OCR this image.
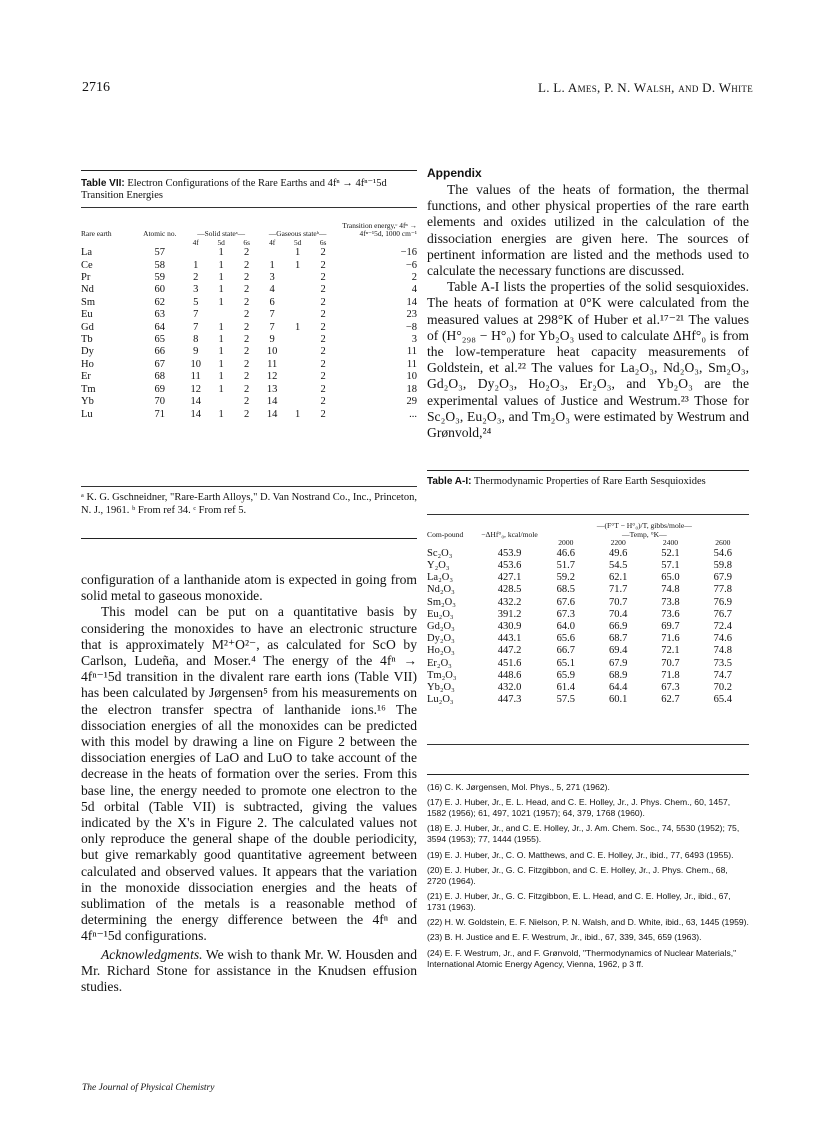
2716	L. L. Ames, P. N. Walsh, and D. White
Table VII: Electron Configurations of the Rare Earths and 4fⁿ → 4fⁿ⁻¹5d Transition Energies
Rare earth	Atomic no.	—Solid stateᵃ—			—Gaseous stateᵇ—			Transition energy,ᶜ 4fⁿ → 4fⁿ⁻¹5d, 1000 cm⁻¹
		4f	5d	6s	4f	5d	6s	
La	57		1	2		1	2	−16
Ce	58	1	1	2	1	1	2	−6
Pr	59	2	1	2	3		2	2
Nd	60	3	1	2	4		2	4
Sm	62	5	1	2	6		2	14
Eu	63	7		2	7		2	23
Gd	64	7	1	2	7	1	2	−8
Tb	65	8	1	2	9		2	3
Dy	66	9	1	2	10		2	11
Ho	67	10	1	2	11		2	11
Er	68	11	1	2	12		2	10
Tm	69	12	1	2	13		2	18
Yb	70	14		2	14		2	29
Lu	71	14	1	2	14	1	2	...
ᵃ K. G. Gschneidner, "Rare-Earth Alloys," D. Van Nostrand Co., Inc., Princeton, N. J., 1961. ᵇ From ref 34. ᶜ From ref 5.

configuration of a lanthanide atom is expected in going from solid metal to gaseous monoxide.

This model can be put on a quantitative basis by considering the monoxides to have an electronic structure that is approximately M²⁺O²⁻, as calculated for ScO by Carlson, Ludeña, and Moser.⁴ The energy of the 4fⁿ → 4fⁿ⁻¹5d transition in the divalent rare earth ions (Table VII) has been calculated by Jørgensen⁵ from his measurements on the electron transfer spectra of lanthanide ions.¹⁶ The dissociation energies of all the monoxides can be predicted with this model by drawing a line on Figure 2 between the dissociation energies of LaO and LuO to take account of the decrease in the heats of formation over the series. From this base line, the energy needed to promote one electron to the 5d orbital (Table VII) is subtracted, giving the values indicated by the X's in Figure 2. The calculated values not only reproduce the general shape of the double periodicity, but give remarkably good quantitative agreement between calculated and observed values. It appears that the variation in the monoxide dissociation energies and the heats of sublimation of the metals is a reasonable method of determining the energy difference between the 4fⁿ and 4fⁿ⁻¹5d configurations.

Acknowledgments. We wish to thank Mr. W. Housden and Mr. Richard Stone for assistance in the Knudsen effusion studies.

The Journal of Physical Chemistry
Appendix

The values of the heats of formation, the thermal functions, and other physical properties of the rare earth elements and oxides utilized in the calculation of the dissociation energies are given here. The sources of pertinent information are listed and the methods used to calculate the necessary functions are discussed.

Table A-I lists the properties of the solid sesquioxides. The heats of formation at 0°K were calculated from the measured values at 298°K of Huber et al.¹⁷⁻²¹ The values of (H°₂₉₈ − H°₀) for Yb₂O₃ used to calculate ΔHf°₀ is from the low-temperature heat capacity measurements of Goldstein, et al.²² The values for La₂O₃, Nd₂O₃, Sm₂O₃, Gd₂O₃, Dy₂O₃, Ho₂O₃, Er₂O₃, and Yb₂O₃ are the experimental values of Justice and Westrum.²³ Those for Sc₂O₃, Eu₂O₃, and Tm₂O₃ were estimated by Westrum and Grønvold,²⁴

Table A-I: Thermodynamic Properties of Rare Earth Sesquioxides
Com-pound	−ΔHf°₀, kcal/mole	—(F°T − H°₀)/T, gibbs/mole—
—Temp, °K—			

		2000	2200	2400	2600
Sc₂O₃	453.9	46.6	49.6	52.1	54.6
Y₂O₃	453.6	51.7	54.5	57.1	59.8
La₂O₃	427.1	59.2	62.1	65.0	67.9
Nd₂O₃	428.5	68.5	71.7	74.8	77.8
Sm₂O₃	432.2	67.6	70.7	73.8	76.9
Eu₂O₃	391.2	67.3	70.4	73.6	76.7
Gd₂O₃	430.9	64.0	66.9	69.7	72.4
Dy₂O₃	443.1	65.6	68.7	71.6	74.6
Ho₂O₃	447.2	66.7	69.4	72.1	74.8
Er₂O₃	451.6	65.1	67.9	70.7	73.5
Tm₂O₃	448.6	65.9	68.9	71.8	74.7
Yb₂O₃	432.0	61.4	64.4	67.3	70.2
Lu₂O₃	447.3	57.5	60.1	62.7	65.4
(16) C. K. Jørgensen, Mol. Phys., 5, 271 (1962).
(17) E. J. Huber, Jr., E. L. Head, and C. E. Holley, Jr., J. Phys. Chem., 60, 1457, 1582 (1956); 61, 497, 1021 (1957); 64, 379, 1768 (1960).
(18) E. J. Huber, Jr., and C. E. Holley, Jr., J. Am. Chem. Soc., 74, 5530 (1952); 75, 3594 (1953); 77, 1444 (1955).
(19) E. J. Huber, Jr., C. O. Matthews, and C. E. Holley, Jr., ibid., 77, 6493 (1955).
(20) E. J. Huber, Jr., G. C. Fitzgibbon, and C. E. Holley, Jr., J. Phys. Chem., 68, 2720 (1964).
(21) E. J. Huber, Jr., G. C. Fitzgibbon, E. L. Head, and C. E. Holley, Jr., ibid., 67, 1731 (1963).
(22) H. W. Goldstein, E. F. Nielson, P. N. Walsh, and D. White, ibid., 63, 1445 (1959).
(23) B. H. Justice and E. F. Westrum, Jr., ibid., 67, 339, 345, 659 (1963).
(24) E. F. Westrum, Jr., and F. Grønvold, "Thermodynamics of Nuclear Materials," International Atomic Energy Agency, Vienna, 1962, p 3 ff.
